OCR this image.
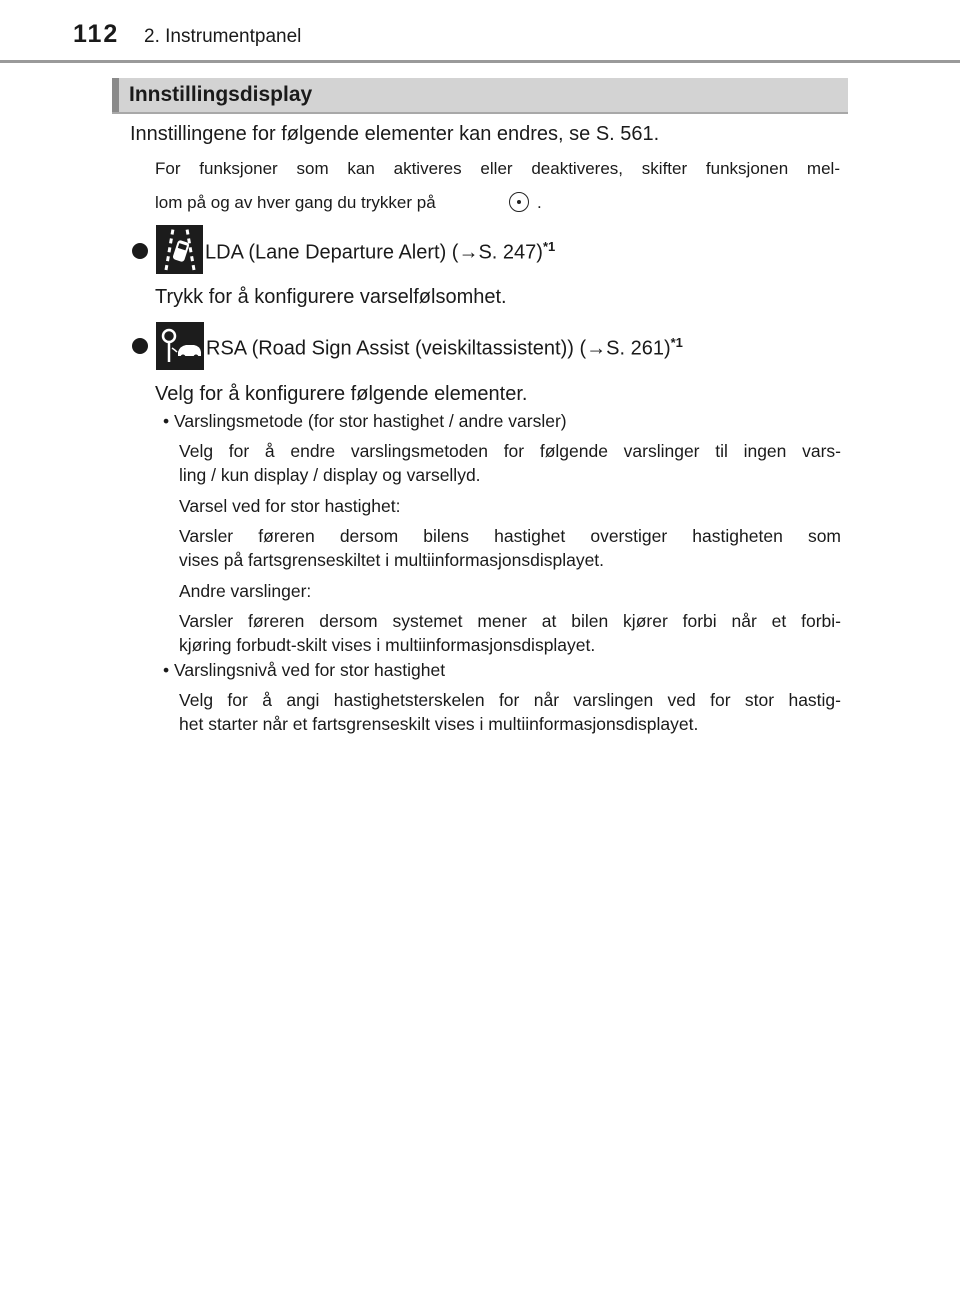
112 2. Instrumentpanel
Innstillingsdisplay
Innstillingene for følgende elementer kan endres, se S. 561.
For funksjoner som kan aktiveres eller deaktiveres, skifter funksjonen mel-
lom på og av hver gang du trykker på	.
LDA (Lane Departure Alert) (→S. 247)$^{*1}$
Trykk for å konfigurere varselfølsomhet.
RSA (Road Sign Assist (veiskiltassistent)) (→S. 261)$^{*1}$
Velg for å konfigurere følgende elementer.
• Varslingsmetode (for stor hastighet / andre varsler)
Velg for å endre varslingsmetoden for følgende varslinger til ingen vars-
ling / kun display / display og varsellyd.
Varsel ved for stor hastighet:
Varsler føreren dersom bilens hastighet overstiger hastigheten som
vises på fartsgrenseskiltet i multiinformasjonsdisplayet.
Andre varslinger:
Varsler føreren dersom systemet mener at bilen kjører forbi når et forbi-
kjøring forbudt-skilt vises i multiinformasjonsdisplayet.
• Varslingsnivå ved for stor hastighet
Velg for å angi hastighetsterskelen for når varslingen ved for stor hastig-
het starter når et fartsgrenseskilt vises i multiinformasjonsdisplayet.
